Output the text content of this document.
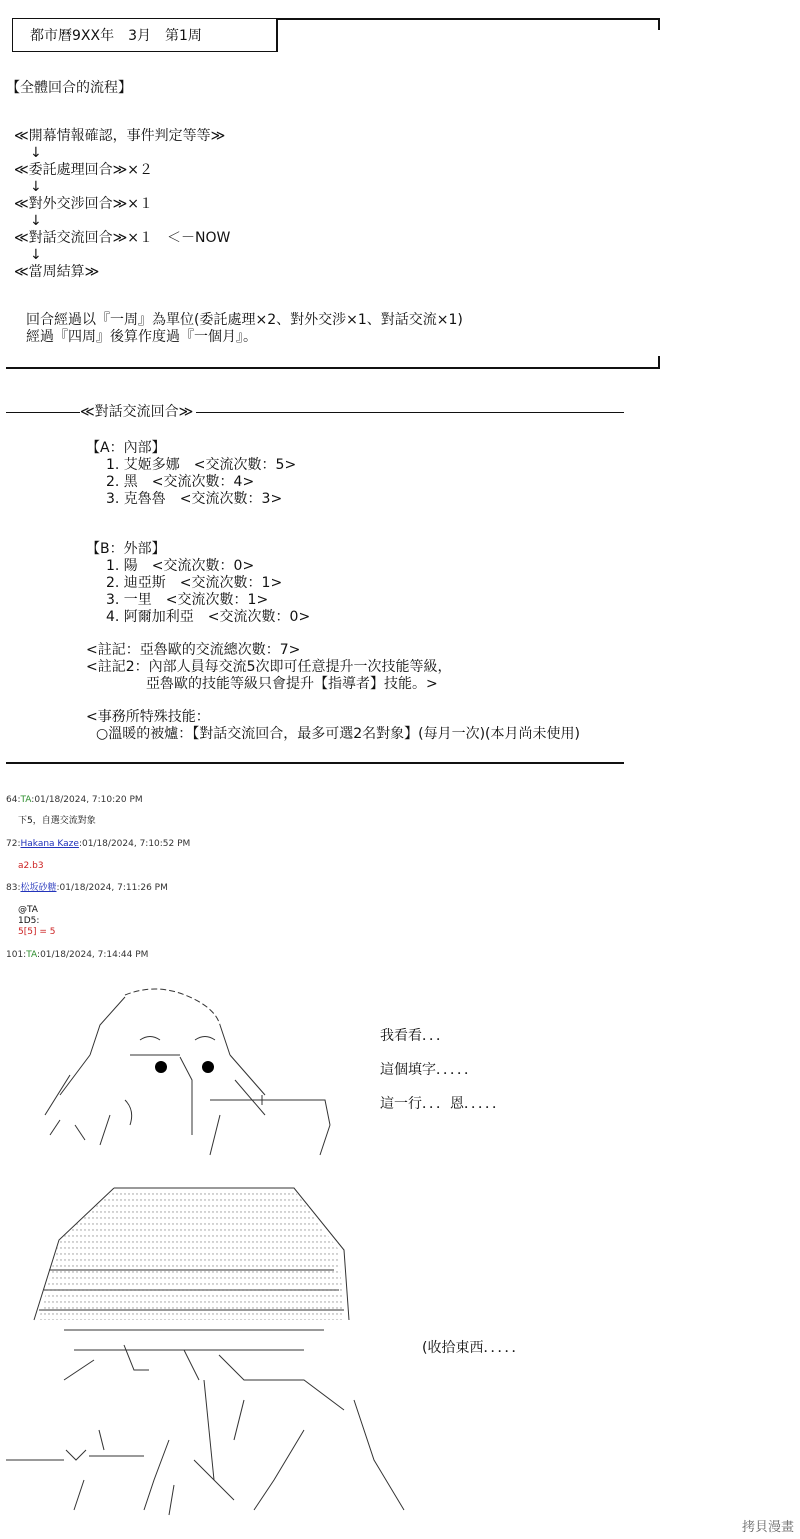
都市曆9XX年　3月　第1周
【全體回合的流程】
≪開幕情報確認，事件判定等等≫
↓
≪委託處理回合≫×２
↓
≪對外交涉回合≫×１
↓
≪對話交流回合≫×１　＜－NOW
↓
≪當周結算≫
回合經過以『一周』為單位(委託處理×2、對外交涉×1、對話交流×1)
經過『四周』後算作度過『一個月』。
≪對話交流回合≫
【A：內部】
1. 艾姬多娜　<交流次數：5>
2. 黑　<交流次數：4>
3. 克魯魯　<交流次數：3>
【B：外部】
1. 陽　<交流次數：0>
2. 迪亞斯　<交流次數：1>
3. 一里　<交流次數：1>
4. 阿爾加利亞　<交流次數：0>
<註記：亞魯歐的交流總次數：7>
<註記2：內部人員每交流5次即可任意提升一次技能等級，
亞魯歐的技能等級只會提升【指導者】技能。>
<事務所特殊技能：
○溫暖的被爐：【對話交流回合，最多可選2名對象】(每月一次)(本月尚未使用)
64:TA:01/18/2024, 7:10:20 PM
下5，自選交流對象
72:Hakana Kaze:01/18/2024, 7:10:52 PM
a2.b3
83:松坂砂糖:01/18/2024, 7:11:26 PM
@TA
1D5:
5[5] = 5
101:TA:01/18/2024, 7:14:44 PM
我看看．．．
這個填字．．．．．
這一行．．．恩．．．．．
(收拾東西．．．．．
拷貝漫畫
